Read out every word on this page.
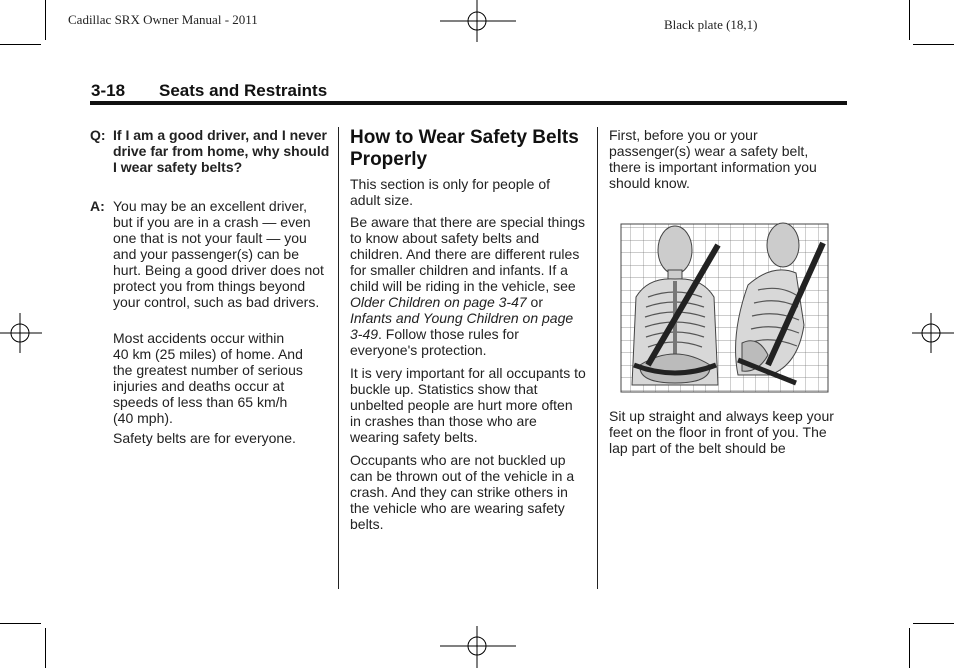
Cadillac SRX Owner Manual - 2011	Black plate (18,1)
3-18 Seats and Restraints
Q: If I am a good driver, and I never drive far from home, why should I wear safety belts?
A: You may be an excellent driver, but if you are in a crash — even one that is not your fault — you and your passenger(s) can be hurt. Being a good driver does not protect you from things beyond your control, such as bad drivers.
Most accidents occur within 40 km (25 miles) of home. And the greatest number of serious injuries and deaths occur at speeds of less than 65 km/h (40 mph).
Safety belts are for everyone.
How to Wear Safety Belts Properly

This section is only for people of adult size.

Be aware that there are special things to know about safety belts and children. And there are different rules for smaller children and infants. If a child will be riding in the vehicle, see Older Children on page 3-47 or Infants and Young Children on page 3-49. Follow those rules for everyone's protection.

It is very important for all occupants to buckle up. Statistics show that unbelted people are hurt more often in crashes than those who are wearing safety belts.

Occupants who are not buckled up can be thrown out of the vehicle in a crash. And they can strike others in the vehicle who are wearing safety belts.

First, before you or your passenger(s) wear a safety belt, there is important information you should know.

Sit up straight and always keep your feet on the floor in front of you. The lap part of the belt should be
